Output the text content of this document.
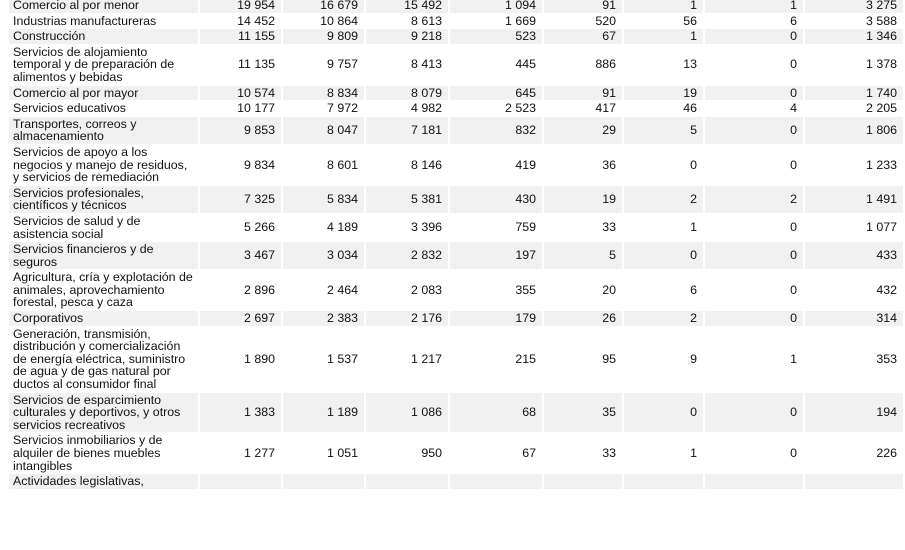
Comercio al por menor	19 954	16 679	15 492	1 094	91	1	1	3 275
Industrias manufactureras	14 452	10 864	8 613	1 669	520	56	6	3 588
Construcción	11 155	9 809	9 218	523	67	1	0	1 346
Servicios de alojamiento temporal y de preparación de alimentos y bebidas	11 135	9 757	8 413	445	886	13	0	1 378
Comercio al por mayor	10 574	8 834	8 079	645	91	19	0	1 740
Servicios educativos	10 177	7 972	4 982	2 523	417	46	4	2 205
Transportes, correos y almacenamiento	9 853	8 047	7 181	832	29	5	0	1 806
Servicios de apoyo a los negocios y manejo de residuos, y servicios de remediación	9 834	8 601	8 146	419	36	0	0	1 233
Servicios profesionales, científicos y técnicos	7 325	5 834	5 381	430	19	2	2	1 491
Servicios de salud y de asistencia social	5 266	4 189	3 396	759	33	1	0	1 077
Servicios financieros y de seguros	3 467	3 034	2 832	197	5	0	0	433
Agricultura, cría y explotación de animales, aprovechamiento forestal, pesca y caza	2 896	2 464	2 083	355	20	6	0	432
Corporativos	2 697	2 383	2 176	179	26	2	0	314
Generación, transmisión, distribución y comercialización de energía eléctrica, suministro de agua y de gas natural por ductos al consumidor final	1 890	1 537	1 217	215	95	9	1	353
Servicios de esparcimiento culturales y deportivos, y otros servicios recreativos	1 383	1 189	1 086	68	35	0	0	194
Servicios inmobiliarios y de alquiler de bienes muebles intangibles	1 277	1 051	950	67	33	1	0	226
Actividades legislativas,								
